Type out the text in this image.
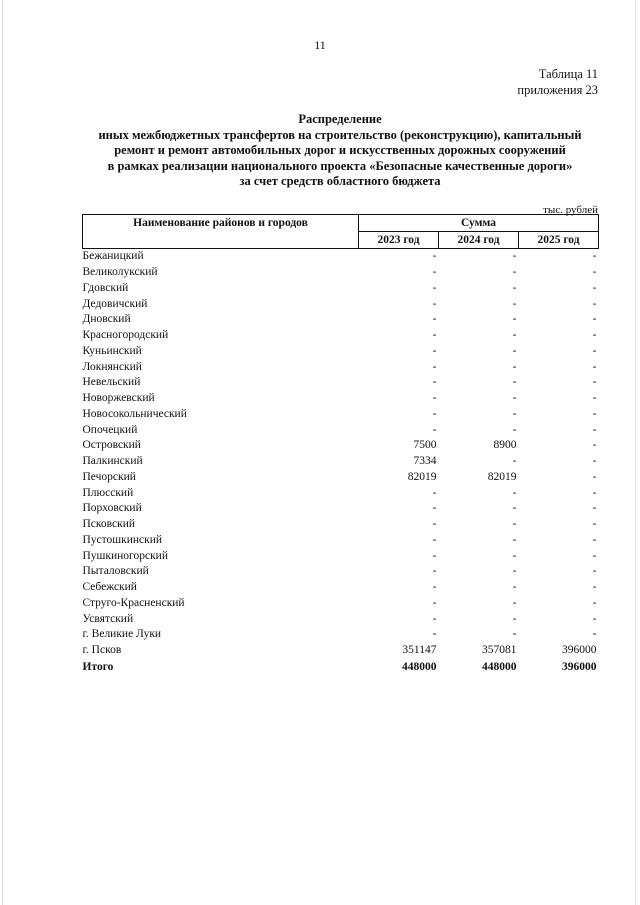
11
Таблица 11
приложения 23
Распределение
иных межбюджетных трансфертов на строительство (реконструкцию), капитальный
ремонт и ремонт автомобильных дорог и искусственных дорожных сооружений
в рамках реализации национального проекта «Безопасные качественные дороги»
за счет средств областного бюджета
тыс. рублей
Наименование районов и городов	Сумма		
	2023 год	2024 год	2025 год
Бежаницкий	-	-	-
Великолукский	-	-	-
Гдовский	-	-	-
Дедовичский	-	-	-
Дновский	-	-	-
Красногородский	-	-	-
Куньинский	-	-	-
Локнянский	-	-	-
Невельский	-	-	-
Новоржевский	-	-	-
Новосокольнический	-	-	-
Опочецкий	-	-	-
Островский	7500	8900	-
Палкинский	7334	-	-
Печорский	82019	82019	-
Плюсский	-	-	-
Порховский	-	-	-
Псковский	-	-	-
Пустошкинский	-	-	-
Пушкиногорский	-	-	-
Пыталовский	-	-	-
Себежский	-	-	-
Струго-Красненский	-	-	-
Усвятский	-	-	-
г. Великие Луки	-	-	-
г. Псков	351147	357081	396000
Итого	448000	448000	396000
